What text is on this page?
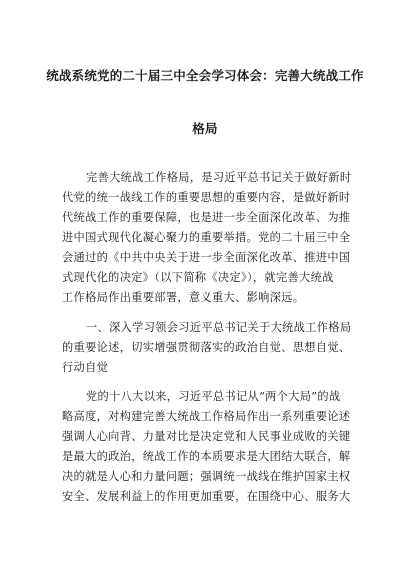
统战系统党的二十届三中全会学习体会：完善大统战工作
格局
完善大统战工作格局，是习近平总书记关于做好新时
代党的统一战线工作的重要思想的重要内容，是做好新时
代统战工作的重要保障，也是进一步全面深化改革、为推
进中国式现代化凝心聚力的重要举措。党的二十届三中全
会通过的《中共中央关于进一步全面深化改革、推进中国
式现代化的决定》（以下简称《决定》），就完善大统战
工作格局作出重要部署，意义重大、影响深远。
一、深入学习领会习近平总书记关于大统战工作格局
的重要论述，切实增强贯彻落实的政治自觉、思想自觉、
行动自觉
党的十八大以来，习近平总书记从“两个大局”的战
略高度，对构建完善大统战工作格局作出一系列重要论述
强调人心向背、力量对比是决定党和人民事业成败的关键
是最大的政治，统战工作的本质要求是大团结大联合，解
决的就是人心和力量问题；强调统一战线在维护国家主权
安全、发展利益上的作用更加重要，在围绕中心、服务大
